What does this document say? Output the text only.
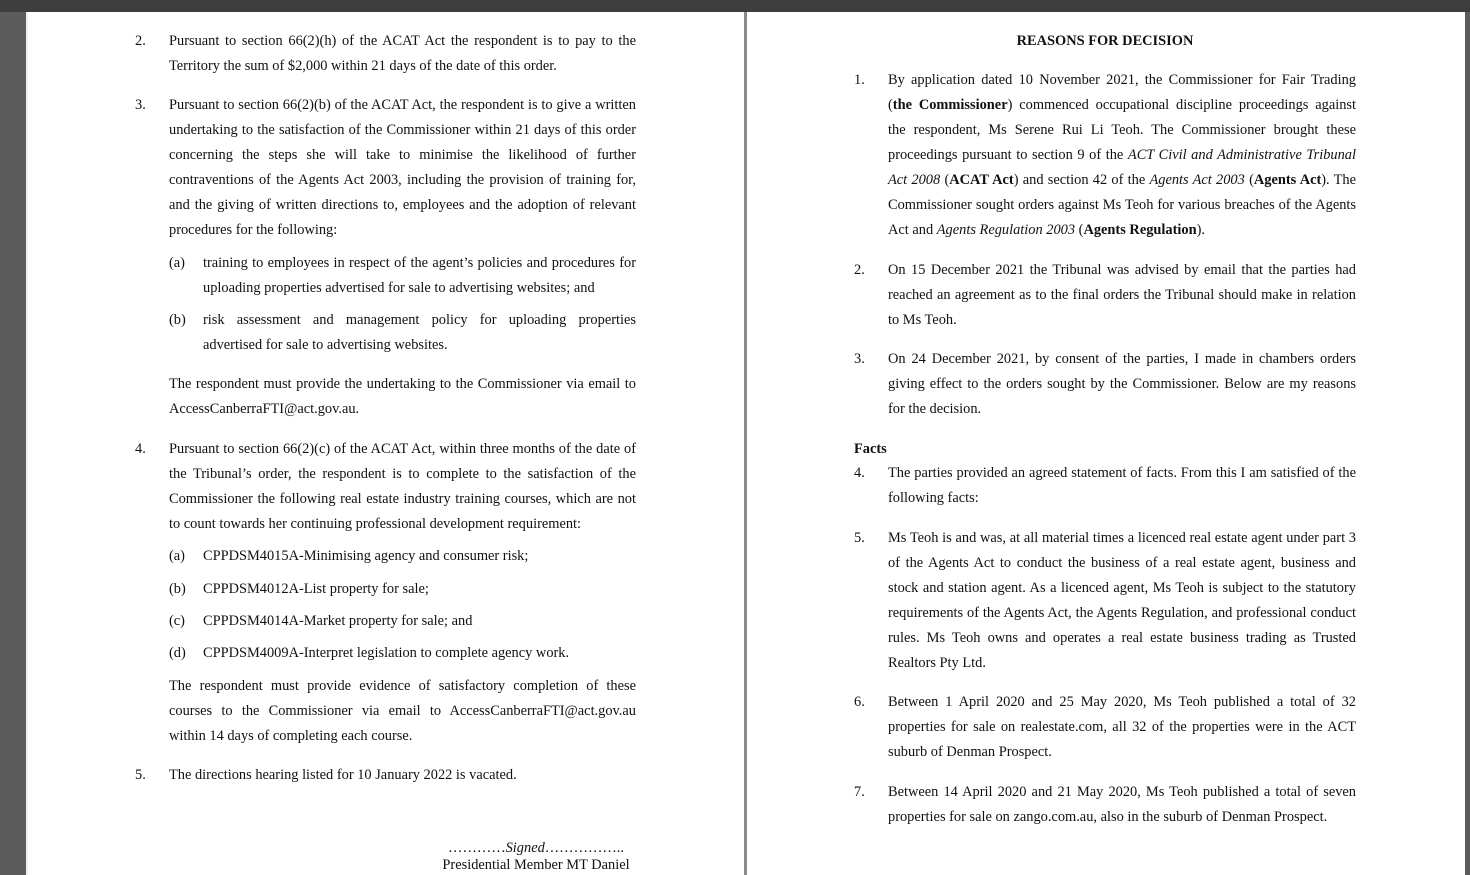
2. Pursuant to section 66(2)(h) of the ACAT Act the respondent is to pay to the Territory the sum of $2,000 within 21 days of the date of this order.

3. Pursuant to section 66(2)(b) of the ACAT Act, the respondent is to give a written undertaking to the satisfaction of the Commissioner within 21 days of this order concerning the steps she will take to minimise the likelihood of further contraventions of the Agents Act 2003, including the provision of training for, and the giving of written directions to, employees and the adoption of relevant procedures for the following:

(a) training to employees in respect of the agent’s policies and procedures for uploading properties advertised for sale to advertising websites; and

(b) risk assessment and management policy for uploading properties advertised for sale to advertising websites.

The respondent must provide the undertaking to the Commissioner via email to AccessCanberraFTI@act.gov.au.

4. Pursuant to section 66(2)(c) of the ACAT Act, within three months of the date of the Tribunal’s order, the respondent is to complete to the satisfaction of the Commissioner the following real estate industry training courses, which are not to count towards her continuing professional development requirement:

(a) CPPDSM4015A-Minimising agency and consumer risk;

(b) CPPDSM4012A-List property for sale;

(c) CPPDSM4014A-Market property for sale; and

(d) CPPDSM4009A-Interpret legislation to complete agency work.

The respondent must provide evidence of satisfactory completion of these courses to the Commissioner via email to AccessCanberraFTI@act.gov.au within 14 days of completing each course.

5. The directions hearing listed for 10 January 2022 is vacated.

…………Signed……………..
Presidential Member MT Daniel

REASONS FOR DECISION

1. By application dated 10 November 2021, the Commissioner for Fair Trading (the Commissioner) commenced occupational discipline proceedings against the respondent, Ms Serene Rui Li Teoh. The Commissioner brought these proceedings pursuant to section 9 of the ACT Civil and Administrative Tribunal Act 2008 (ACAT Act) and section 42 of the Agents Act 2003 (Agents Act). The Commissioner sought orders against Ms Teoh for various breaches of the Agents Act and Agents Regulation 2003 (Agents Regulation).

2. On 15 December 2021 the Tribunal was advised by email that the parties had reached an agreement as to the final orders the Tribunal should make in relation to Ms Teoh.

3. On 24 December 2021, by consent of the parties, I made in chambers orders giving effect to the orders sought by the Commissioner. Below are my reasons for the decision.

Facts

4. The parties provided an agreed statement of facts. From this I am satisfied of the following facts:

5. Ms Teoh is and was, at all material times a licenced real estate agent under part 3 of the Agents Act to conduct the business of a real estate agent, business and stock and station agent. As a licenced agent, Ms Teoh is subject to the statutory requirements of the Agents Act, the Agents Regulation, and professional conduct rules. Ms Teoh owns and operates a real estate business trading as Trusted Realtors Pty Ltd.

6. Between 1 April 2020 and 25 May 2020, Ms Teoh published a total of 32 properties for sale on realestate.com, all 32 of the properties were in the ACT suburb of Denman Prospect.

7. Between 14 April 2020 and 21 May 2020, Ms Teoh published a total of seven properties for sale on zango.com.au, also in the suburb of Denman Prospect.
